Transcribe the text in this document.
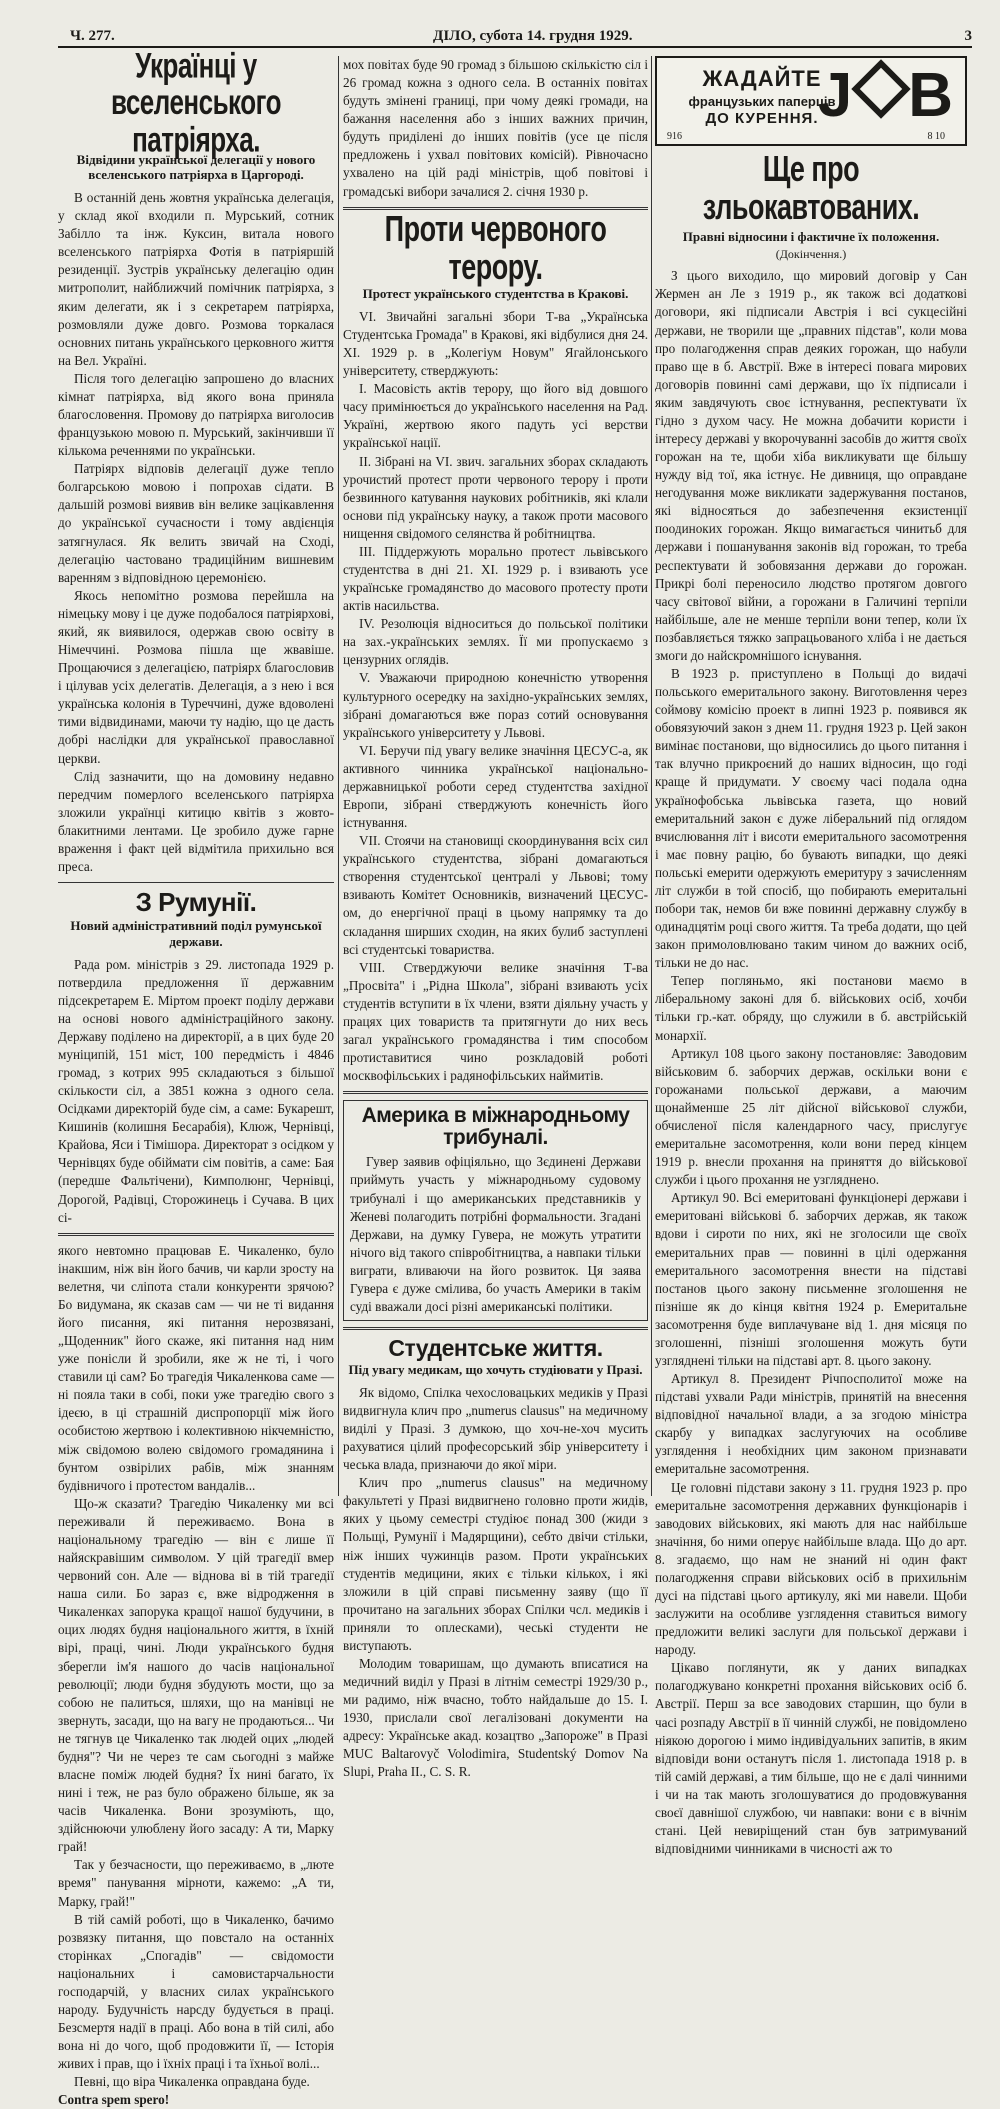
Ч. 277.	ДІЛО, субота 14. грудня 1929.	3
Українці у вселенського патріярха.
Відвідини української делегації у нового вселенського патріярха в Царгороді.

В останній день жовтня українська делегація, у склад якої входили п. Мурський, сотник Забілло та інж. Куксин, витала нового вселенського патріярха Фотія в патріяршій резиденції. Зустрів українську делегацію один митрополит, найближчий помічник патріярха, з яким делегати, як і з секретарем патріярха, розмовляли дуже довго. Розмова торкалася основних питань українського церковного життя на Вел. Україні.

Після того делегацію запрошено до власних кімнат патріярха, від якого вона приняла благословення. Промову до патріярха виголосив французькою мовою п. Мурський, закінчивши її кількома реченнями по українськи.

Патріярх відповів делегації дуже тепло болгарською мовою і попрохав сідати. В дальшій розмові виявив він велике зацікавлення до української сучасности і тому авдієнція затягнулася. Як велить звичай на Сході, делегацію частовано традиційним вишневим варенням з відповідною церемонією.

Якось непомітно розмова перейшла на німецьку мову і це дуже подобалося патріярхові, який, як виявилося, одержав свою освіту в Німеччині. Розмова пішла ще жвавіше. Прощаючися з делегацією, патріярх благословив і цілував усіх делегатів. Делегація, а з нею і вся українська колонія в Туреччині, дуже вдоволені тими відвидинами, маючи ту надію, що це дасть добрі наслідки для української православної церкви.

Слід зазначити, що на домовину недавно передчим померлого вселенського патріярха зложили українці китицю квітів з жовто-блакитними лентами. Це зробило дуже гарне враження і факт цей відмітила прихильно вся преса.

З Румунії.
Новий адміністративний поділ румунської держави.

Рада ром. міністрів з 29. листопада 1929 р. потвердила предложення її державним підсекретарем Е. Міртом проект поділу держави на основі нового адміністраційного закону. Державу поділено на директорії, а в цих буде 20 муніципій, 151 міст, 100 передмість і 4846 громад, з котрих 995 складаються з більшої скількости сіл, а 3851 кожна з одного села. Осідками директорій буде сім, а саме: Букарешт, Кишинів (колишня Бесарабія), Клюж, Чернівці, Крайова, Яси і Тімішора. Директорат з осідком у Чернівцях буде обіймати сім повітів, а саме: Бая (передше Фальтічени), Кимполюнг, Чернівці, Дорогой, Радівці, Сторожинець і Сучава. В цих сі-

якого невтомно працював Е. Чикаленко, було інакшим, ніж він його бачив, чи карли зросту на велетня, чи сліпота стали конкуренти зрячою? Бо видумана, як сказав сам — чи не ті видання його писання, які питання нерозвязані, „Щоденник" його скаже, які питання над ним уже понісли й зробили, яке ж не ті, і чого ставили ці сам? Бо трагедія Чикаленкова саме — ні пояла таки в собі, поки уже трагедію свого з ідеєю, в ці страшній диспропорції між його особистою жертвою і колективною нікчемністю, між свідомою волею свідомого громадянина і бунтом озвірілих рабів, між знанням будівничого і протестом вандалів...

Що-ж сказати? Трагедію Чикаленку ми всі переживали й переживаємо. Вона в національному трагедію — він є лише її найяскравішим символом. У цій трагедії вмер червоний сон. Але — віднова ві в тій трагедії наша сили. Бо зараз є, вже відродження в Чикаленках запорука кращої нашої будучини, в оцих людях будня національного життя, в їхній вірі, праці, чині. Люди українського будня зберегли ім'я нашого до часів національної революції; люди будня збудують мости, що за собою не палиться, шляхи, що на манівці не звернуть, засади, що на вагу не продаються... Чи не тягнув це Чикаленко так людей оцих „людей будня"? Чи не через те сам сьогодні з майже власне поміж людей будня? Їх нині багато, їх нині і теж, не раз було ображено більше, як за часів Чикаленка. Вони зрозуміють, що, здійснюючи улюблену його засаду: А ти, Марку грай!

Так у безчасности, що переживаємо, в „люте время" панування мірноти, кажемо: „А ти, Марку, грай!"

В тій самій роботі, що в Чикаленко, бачимо розвязку питання, що повстало на останніх сторінках „Спогадів" — свідомости національних і самовистарчальности господарчій, у власних силах українського народу. Будучність нарсду будується в праці. Безсмертя надії в праці. Або вона в тій силі, або вона ні до чого, щоб продовжити її, — Історія живих і прав, що і їхніх праці і та їхньої волі...

Певні, що віра Чикаленка оправдана буде.

Contra spem spero!

мох повітах буде 90 громад з більшою скількістю сіл і 26 громад кожна з одного села. В останніх повітах будуть змінені границі, при чому деякі громади, на бажання населення або з інших важних причин, будуть приділені до інших повітів (усе це після предложень і ухвал повітових комісій). Рівночасно ухвалено на цій раді міністрів, щоб повітові і громадські вибори зачалися 2. січня 1930 р.

Проти червоного терору.
Протест українського студентства в Кракові.

VI. Звичайні загальні збори Т-ва „Українська Студентська Громада" в Кракові, які відбулися дня 24. XI. 1929 р. в „Колегіум Новум" Ягайлонського університету, стверджують:

I. Масовість актів терору, що його від довшого часу примінюється до українського населення на Рад. Україні, жертвою якого падуть усі верстви української нації.

II. Зібрані на VI. звич. загальних зборах складають урочистий протест проти червоного терору і проти безвинного катування наукових робітників, які клали основи під українську науку, а також проти масового нищення свідомого селянства й робітництва.

III. Піддержують морально протест львівського студентства в дні 21. XI. 1929 р. і взивають усе українське громадянство до масового протесту проти актів насильства.

IV. Резолюція відноситься до польської політики на зах.-українських землях. Її ми пропускаємо з цензурних оглядів.

V. Уважаючи природною конечністю утворення культурного осередку на західно-українських землях, зібрані домагаються вже пораз сотий основування українського університету у Львові.

VI. Беручи під увагу велике значіння ЦЕСУС-а, як активного чинника української національно-державницької роботи серед студентства західної Европи, зібрані стверджують конечність його істнування.

VII. Стоячи на становищі скоординування всіх сил українського студентства, зібрані домагаються створення студентської централі у Львові; тому взивають Комітет Основників, визначений ЦЕСУС-ом, до енергічної праці в цьому напрямку та до складання ширших сходин, на яких булиб заступлені всі студентські товариства.

VIII. Стверджуючи велике значіння Т-ва „Просвіта" і „Рідна Школа", зібрані взивають усіх студентів вступити в їх члени, взяти діяльну участь у працях цих товариств та притягнути до них весь загал українського громадянства і тим способом протиставитися чино розкладовій роботі москвофільських і радянофільських наймитів.

Америка в міжнародньому трибуналі.

Гувер заявив офіціяльно, що Зєдинені Держави приймуть участь у міжнародньому судовому трибуналі і що американських представників у Женеві полагодить потрібні формальности. Згадані Держави, на думку Гувера, не можуть утратити нічого від такого співробітництва, а навпаки тільки виграти, вливаючи на його розвиток. Ця заява Гувера є дуже смілива, бо участь Америки в такім суді вважали досі різні американські політики.

Студентське життя.
Під увагу медикам, що хочуть студіювати у Празі.

Як відомо, Спілка чехословацьких медиків у Празі видвигнула клич про „numerus clausus" на медичному виділі у Празі. З думкою, що хоч-не-хоч мусить рахуватися цілий професорський збір університету і чеська влада, признаючи до якої міри.

Клич про „numerus clausus" на медичному факультеті у Празі видвигнено головно проти жидів, яких у цьому семестрі студіює понад 300 (жиди з Польщі, Румунії і Мадярщини), себто двічи стільки, ніж інших чужинців разом. Проти українських студентів медицини, яких є тільки кількох, і які зложили в цій справі письменну заяву (що її прочитано на загальних зборах Спілки чсл. медиків і приняли то оплесками), чеські студенти не виступають.

Молодим товаришам, що думають вписатися на медичний виділ у Празі в літнім семестрі 1929/30 р., ми радимо, ніж вчасно, тобто найдальше до 15. I. 1930, прислали свої легалізовані документи на адресу: Українське акад. козацтво „Запороже" в Празі MUC Baltarovyč Volodimira, Studentský Domov Na Slupi, Praha II., C. S. R.

ЖАДАЙТЕ
французьких паперців
ДО КУРЕННЯ. J B
916	8 10
Ще про зльокавтованих.
Правні відносини і фактичне їх положення.
(Докінчення.)

З цього виходило, що мировий договір у Сан Жермен ан Ле з 1919 р., як також всі додаткові договори, які підписали Австрія і всі сукцесійні держави, не творили ще „правних підстав", коли мова про полагодження справ деяких горожан, що набули право ще в б. Австрії. Вже в інтересі повага мирових договорів повинні самі держави, що їх підписали і яким завдячують своє істнування, респектувати їх гідно з духом часу. Не можна добачити користи і інтересу державі у вкорочуванні засобів до життя своїх горожан на те, щоби хіба викликувати ще більшу нужду від тої, яка істнує. Не дивниця, що оправдане негодування може викликати задержування постанов, які відносяться до забезпечення екзистенції поодиноких горожан. Якщо вимагається чинитьб для держави і пошанування законів від горожан, то треба респектувати й зобовязання держави до горожан. Прикрі болі переносило людство протягом довгого часу світової війни, а горожани в Галичині терпіли найбільше, але не менше терпіли вони тепер, коли їх позбавляється тяжко запрацьованого хліба і не дається змоги до найскромнішого існування.

В 1923 р. приступлено в Польщі до видачі польського емеритального закону. Виготовлення через соймову комісію проект в липні 1923 р. появився як обовязуючий закон з днем 11. грудня 1923 р. Цей закон вимінає постанови, що відносились до цього питання і так влучно прикроєний до наших відносин, що годі краще й придумати. У своєму часі подала одна українофобська львівська газета, що новий емеритальний закон є дуже ліберальний під оглядом вчислювання літ і висоти емеритального засомотрення і має повну рацію, бо бувають випадки, що деякі польські емерити одержують емеритуру з зачисленням літ служби в той спосіб, що побирають емеритальні побори так, немов би вже повинні державну службу в одинадцятім році свого життя. Та треба додати, що цей закон примоловлювано таким чином до важних осіб, тільки не до нас.

Тепер погляньмо, які постанови маємо в ліберальному законі для б. військових осіб, хочби тільки гр.-кат. обряду, що служили в б. австрійській монархії.

Артикул 108 цього закону постановляє: Заводовим військовим б. заборчих держав, оскільки вони є горожанами польської держави, а маючим щонайменше 25 літ дійсної військової служби, обчисленої після календарного часу, прислугує емеритальне засомотрення, коли вони перед кінцем 1919 р. внесли прохання на приняття до військової служби і цього прохання не узгляднено.

Артикул 90. Всі емеритовані функціонері держави і емеритовані військові б. заборчих держав, як також вдови і сироти по них, які не зголосили ще своїх емеритальних прав — повинні в цілі одержання емеритального засомотрення внести на підставі постанов цього закону письменне зголошення не пізніше як до кінця квітня 1924 р. Емеритальне засомотрення буде виплачуване від 1. дня місяця по зголошенні, пізніші зголошення можуть бути узгляднені тільки на підставі арт. 8. цього закону.

Артикул 8. Президент Річпосполитої може на підставі ухвали Ради міністрів, принятій на внесення відповідної начальної влади, а за згодою міністра скарбу у випадках заслугуючих на особливе узглядення і необхідних цим законом признавати емеритальне засомотрення.

Це головні підстави закону з 11. грудня 1923 р. про емеритальне засомотрення державних функціонарів і заводових військових, які мають для нас найбільше значіння, бо ними оперує найбільше влада. Що до арт. 8. згадаємо, що нам не знаний ні один факт полагодження справи військових осіб в прихильнім дусі на підставі цього артикулу, які ми навели. Щоби заслужити на особливе узглядення ставиться вимогу предложити великі заслуги для польської держави і народу.

Цікаво поглянути, як у даних випадках полагоджувано конкретні прохання військових осіб б. Австрії. Перш за все заводових старшин, що були в часі розпаду Австрії в її чинній службі, не повідомлено ніякою дорогою і мимо індивідуальних запитів, в яким відповіди вони останутъ після 1. листопада 1918 р. в тій самій державі, а тим більше, що не є далі чинними і чи на так мають зголошуватися до продовжування своєї давнішої службою, чи навпаки: вони є в вічнім стані. Цей невиріщений стан був затримуваний відповідними чинниками в чисності аж то
